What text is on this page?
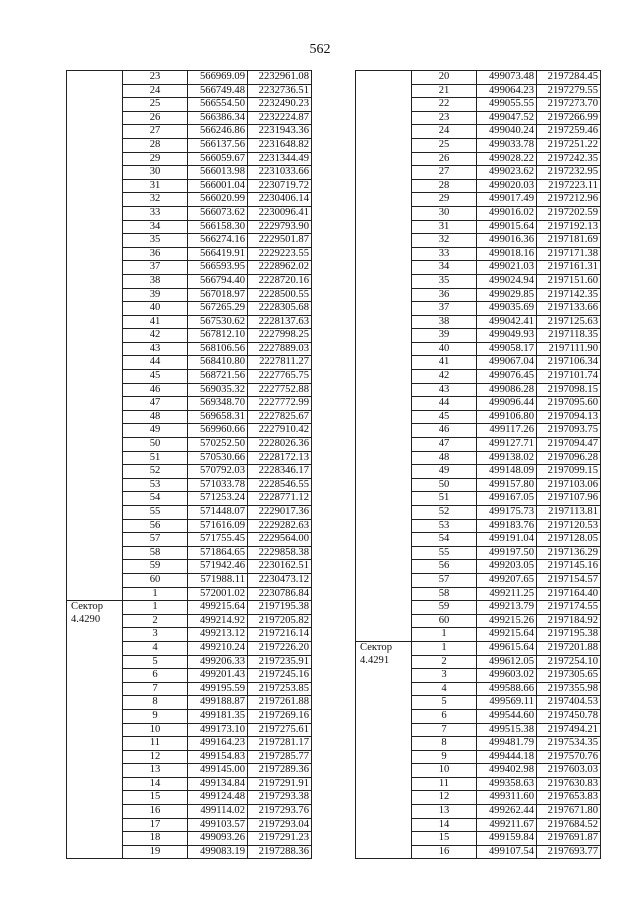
562
	23	566969.09	2232961.08
	24	566749.48	2232736.51
	25	566554.50	2232490.23
	26	566386.34	2232224.87
	27	566246.86	2231943.36
	28	566137.56	2231648.82
	29	566059.67	2231344.49
	30	566013.98	2231033.66
	31	566001.04	2230719.72
	32	566020.99	2230406.14
	33	566073.62	2230096.41
	34	566158.30	2229793.90
	35	566274.16	2229501.87
	36	566419.91	2229223.55
	37	566593.95	2228962.02
	38	566794.40	2228720.16
	39	567018.97	2228500.55
	40	567265.29	2228305.68
	41	567530.62	2228137.63
	42	567812.10	2227998.25
	43	568106.56	2227889.03
	44	568410.80	2227811.27
	45	568721.56	2227765.75
	46	569035.32	2227752.88
	47	569348.70	2227772.99
	48	569658.31	2227825.67
	49	569960.66	2227910.42
	50	570252.50	2228026.36
	51	570530.66	2228172.13
	52	570792.03	2228346.17
	53	571033.78	2228546.55
	54	571253.24	2228771.12
	55	571448.07	2229017.36
	56	571616.09	2229282.63
	57	571755.45	2229564.00
	58	571864.65	2229858.38
	59	571942.46	2230162.51
	60	571988.11	2230473.12
	1	572001.02	2230786.84
Сектор	1	499215.64	2197195.38
4.4290	2	499214.92	2197205.82
	3	499213.12	2197216.14
	4	499210.24	2197226.20
	5	499206.33	2197235.91
	6	499201.43	2197245.16
	7	499195.59	2197253.85
	8	499188.87	2197261.88
	9	499181.35	2197269.16
	10	499173.10	2197275.61
	11	499164.23	2197281.17
	12	499154.83	2197285.77
	13	499145.00	2197289.36
	14	499134.84	2197291.91
	15	499124.48	2197293.38
	16	499114.02	2197293.76
	17	499103.57	2197293.04
	18	499093.26	2197291.23
	19	499083.19	2197288.36
	20	499073.48	2197284.45
	21	499064.23	2197279.55
	22	499055.55	2197273.70
	23	499047.52	2197266.99
	24	499040.24	2197259.46
	25	499033.78	2197251.22
	26	499028.22	2197242.35
	27	499023.62	2197232.95
	28	499020.03	2197223.11
	29	499017.49	2197212.96
	30	499016.02	2197202.59
	31	499015.64	2197192.13
	32	499016.36	2197181.69
	33	499018.16	2197171.38
	34	499021.03	2197161.31
	35	499024.94	2197151.60
	36	499029.85	2197142.35
	37	499035.69	2197133.66
	38	499042.41	2197125.63
	39	499049.93	2197118.35
	40	499058.17	2197111.90
	41	499067.04	2197106.34
	42	499076.45	2197101.74
	43	499086.28	2197098.15
	44	499096.44	2197095.60
	45	499106.80	2197094.13
	46	499117.26	2197093.75
	47	499127.71	2197094.47
	48	499138.02	2197096.28
	49	499148.09	2197099.15
	50	499157.80	2197103.06
	51	499167.05	2197107.96
	52	499175.73	2197113.81
	53	499183.76	2197120.53
	54	499191.04	2197128.05
	55	499197.50	2197136.29
	56	499203.05	2197145.16
	57	499207.65	2197154.57
	58	499211.25	2197164.40
	59	499213.79	2197174.55
	60	499215.26	2197184.92
	1	499215.64	2197195.38
Сектор	1	499615.64	2197201.88
4.4291	2	499612.05	2197254.10
	3	499603.02	2197305.65
	4	499588.66	2197355.98
	5	499569.11	2197404.53
	6	499544.60	2197450.78
	7	499515.38	2197494.21
	8	499481.79	2197534.35
	9	499444.18	2197570.76
	10	499402.98	2197603.03
	11	499358.63	2197630.83
	12	499311.60	2197653.83
	13	499262.44	2197671.80
	14	499211.67	2197684.52
	15	499159.84	2197691.87
	16	499107.54	2197693.77
